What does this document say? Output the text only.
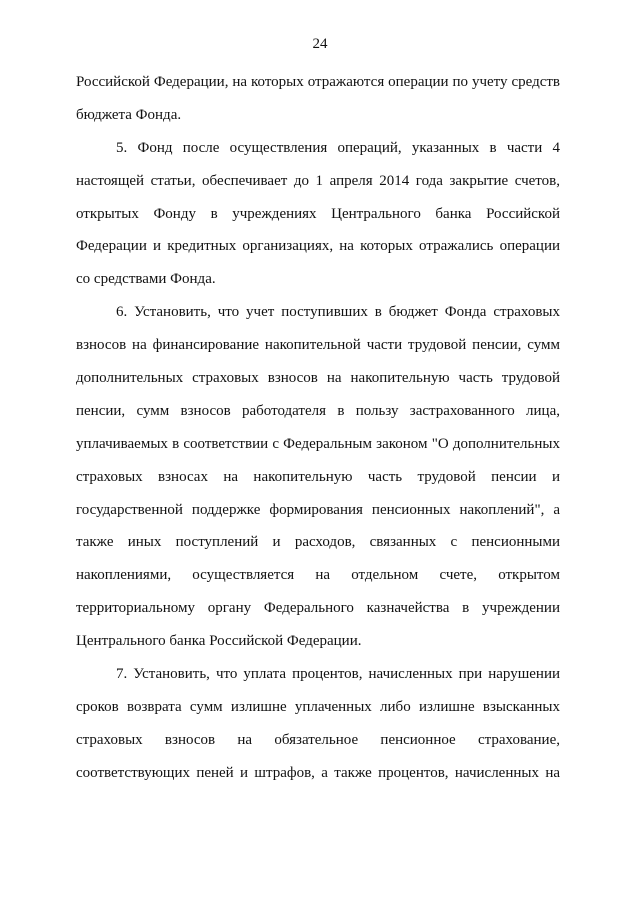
24
Российской Федерации, на которых отражаются операции по учету средств
бюджета Фонда.
5. Фонд после осуществления операций, указанных в части 4
настоящей статьи, обеспечивает до 1 апреля 2014 года закрытие счетов,
открытых Фонду в учреждениях Центрального банка Российской
Федерации и кредитных организациях, на которых отражались операции
со средствами Фонда.
6. Установить, что учет поступивших в бюджет Фонда страховых
взносов на финансирование накопительной части трудовой пенсии, сумм
дополнительных страховых взносов на накопительную часть трудовой
пенсии, сумм взносов работодателя в пользу застрахованного лица,
уплачиваемых в соответствии с Федеральным законом "О дополнительных
страховых взносах на накопительную часть трудовой пенсии и
государственной поддержке формирования пенсионных накоплений", а
также иных поступлений и расходов, связанных с пенсионными
накоплениями, осуществляется на отдельном счете, открытом
территориальному органу Федерального казначейства в учреждении
Центрального банка Российской Федерации.
7. Установить, что уплата процентов, начисленных при нарушении
сроков возврата сумм излишне уплаченных либо излишне взысканных
страховых взносов на обязательное пенсионное страхование,
соответствующих пеней и штрафов, а также процентов, начисленных на
